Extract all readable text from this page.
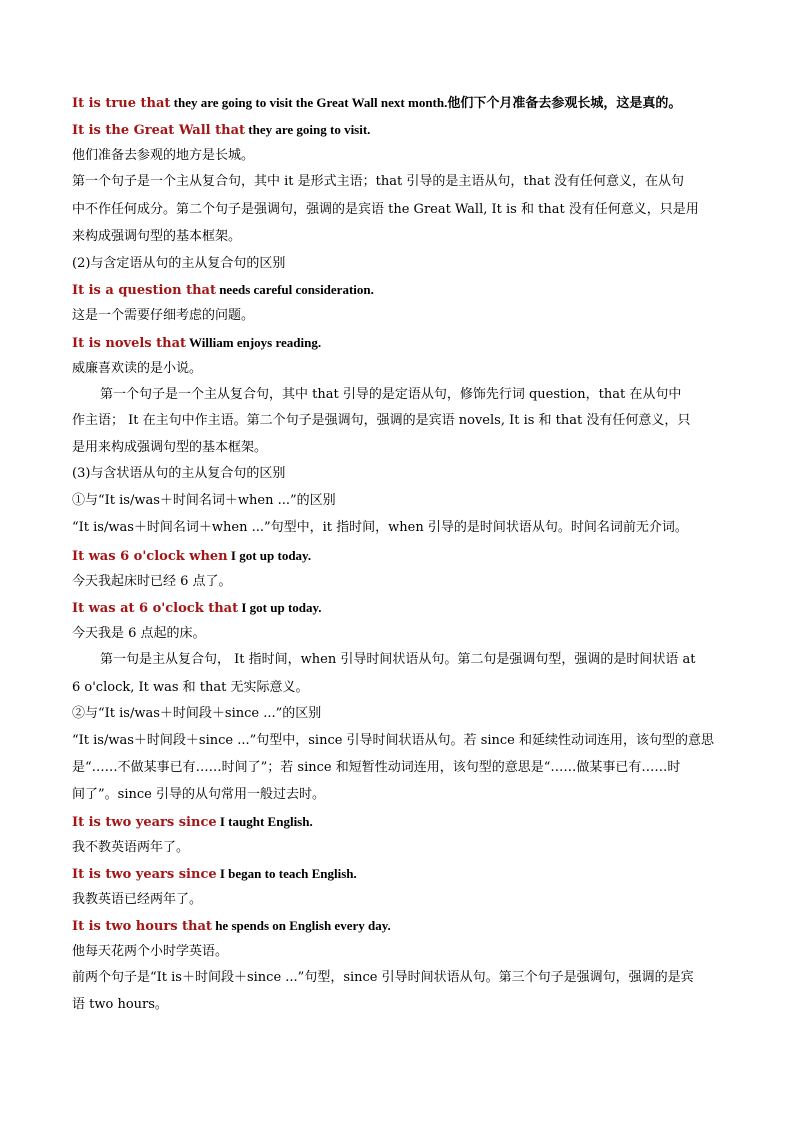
It is true that they are going to visit the Great Wall next month.他们下个月准备去参观长城，这是真的。
It is the Great Wall that they are going to visit.
他们准备去参观的地方是长城。
第一个句子是一个主从复合句，其中 it 是形式主语；that 引导的是主语从句，that 没有任何意义，在从句
中不作任何成分。第二个句子是强调句，强调的是宾语 the Great Wall, It is 和 that 没有任何意义，只是用
来构成强调句型的基本框架。
(2)与含定语从句的主从复合句的区别
It is a question that needs careful consideration.
这是一个需要仔细考虑的问题。
It is novels that William enjoys reading.
威廉喜欢读的是小说。
第一个句子是一个主从复合句，其中 that 引导的是定语从句，修饰先行词 question，that 在从句中
作主语； It 在主句中作主语。第二个句子是强调句，强调的是宾语 novels, It is 和 that 没有任何意义，只
是用来构成强调句型的基本框架。
(3)与含状语从句的主从复合句的区别
①与“It is/was＋时间名词＋when ...”的区别
“It is/was＋时间名词＋when ...”句型中，it 指时间，when 引导的是时间状语从句。时间名词前无介词。
It was 6 o'clock when I got up today.
今天我起床时已经 6 点了。
It was at 6 o'clock that I got up today.
今天我是 6 点起的床。
第一句是主从复合句， It 指时间，when 引导时间状语从句。第二句是强调句型，强调的是时间状语 at
6 o'clock, It was 和 that 无实际意义。
②与“It is/was＋时间段＋since ...”的区别
“It is/was＋时间段＋since ...”句型中，since 引导时间状语从句。若 since 和延续性动词连用，该句型的意思
是“……不做某事已有……时间了”；若 since 和短暂性动词连用，该句型的意思是“……做某事已有……时
间了”。since 引导的从句常用一般过去时。
It is two years since I taught English.
我不教英语两年了。
It is two years since I began to teach English.
我教英语已经两年了。
It is two hours that he spends on English every day.
他每天花两个小时学英语。
前两个句子是“It is＋时间段＋since ...”句型，since 引导时间状语从句。第三个句子是强调句，强调的是宾
语 two hours。
